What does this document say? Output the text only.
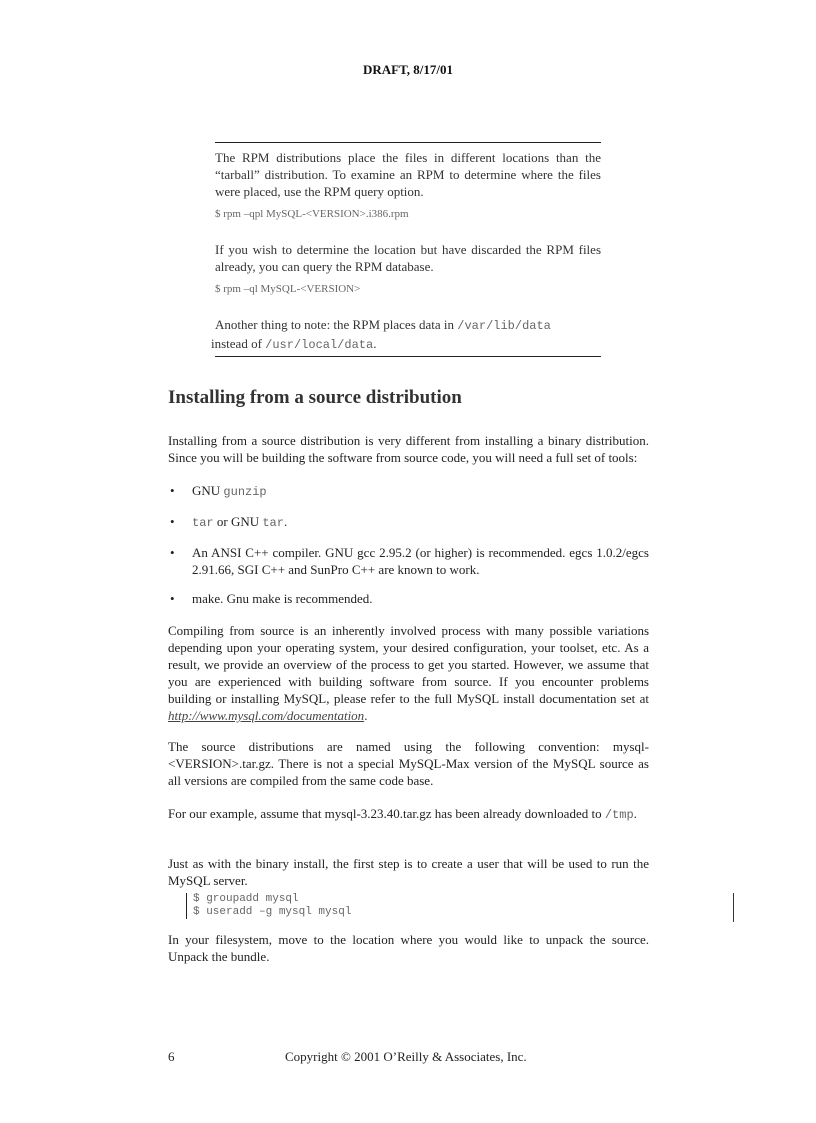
DRAFT, 8/17/01

The RPM distributions place the files in different locations than the “tarball” distribution. To examine an RPM to determine where the files were placed, use the RPM query option.

$ rpm –qpl MySQL-<VERSION>.i386.rpm

If you wish to determine the location but have discarded the RPM files already, you can query the RPM database.

$ rpm –ql MySQL-<VERSION>

Another thing to note: the RPM places data in /var/lib/data
instead of /usr/local/data.

Installing from a source distribution

Installing from a source distribution is very different from installing a binary distribution. Since you will be building the software from source code, you will need a full set of tools:

• GNU gunzip
• tar or GNU tar.
• An ANSI C++ compiler. GNU gcc 2.95.2 (or higher) is recommended. egcs 1.0.2/egcs 2.91.66, SGI C++ and SunPro C++ are known to work.
• make. Gnu make is recommended.

Compiling from source is an inherently involved process with many possible variations depending upon your operating system, your desired configuration, your toolset, etc. As a result, we provide an overview of the process to get you started. However, we assume that you are experienced with building software from source. If you encounter problems building or installing MySQL, please refer to the full MySQL install documentation set at http://www.mysql.com/documentation.

The source distributions are named using the following convention: mysql-<VERSION>.tar.gz. There is not a special MySQL-Max version of the MySQL source as all versions are compiled from the same code base.

For our example, assume that mysql-3.23.40.tar.gz has been already downloaded to /tmp.

Just as with the binary install, the first step is to create a user that will be used to run the MySQL server.

$ groupadd mysql
$ useradd –g mysql mysql

In your filesystem, move to the location where you would like to unpack the source. Unpack the bundle.

6	Copyright © 2001 O’Reilly & Associates, Inc.
